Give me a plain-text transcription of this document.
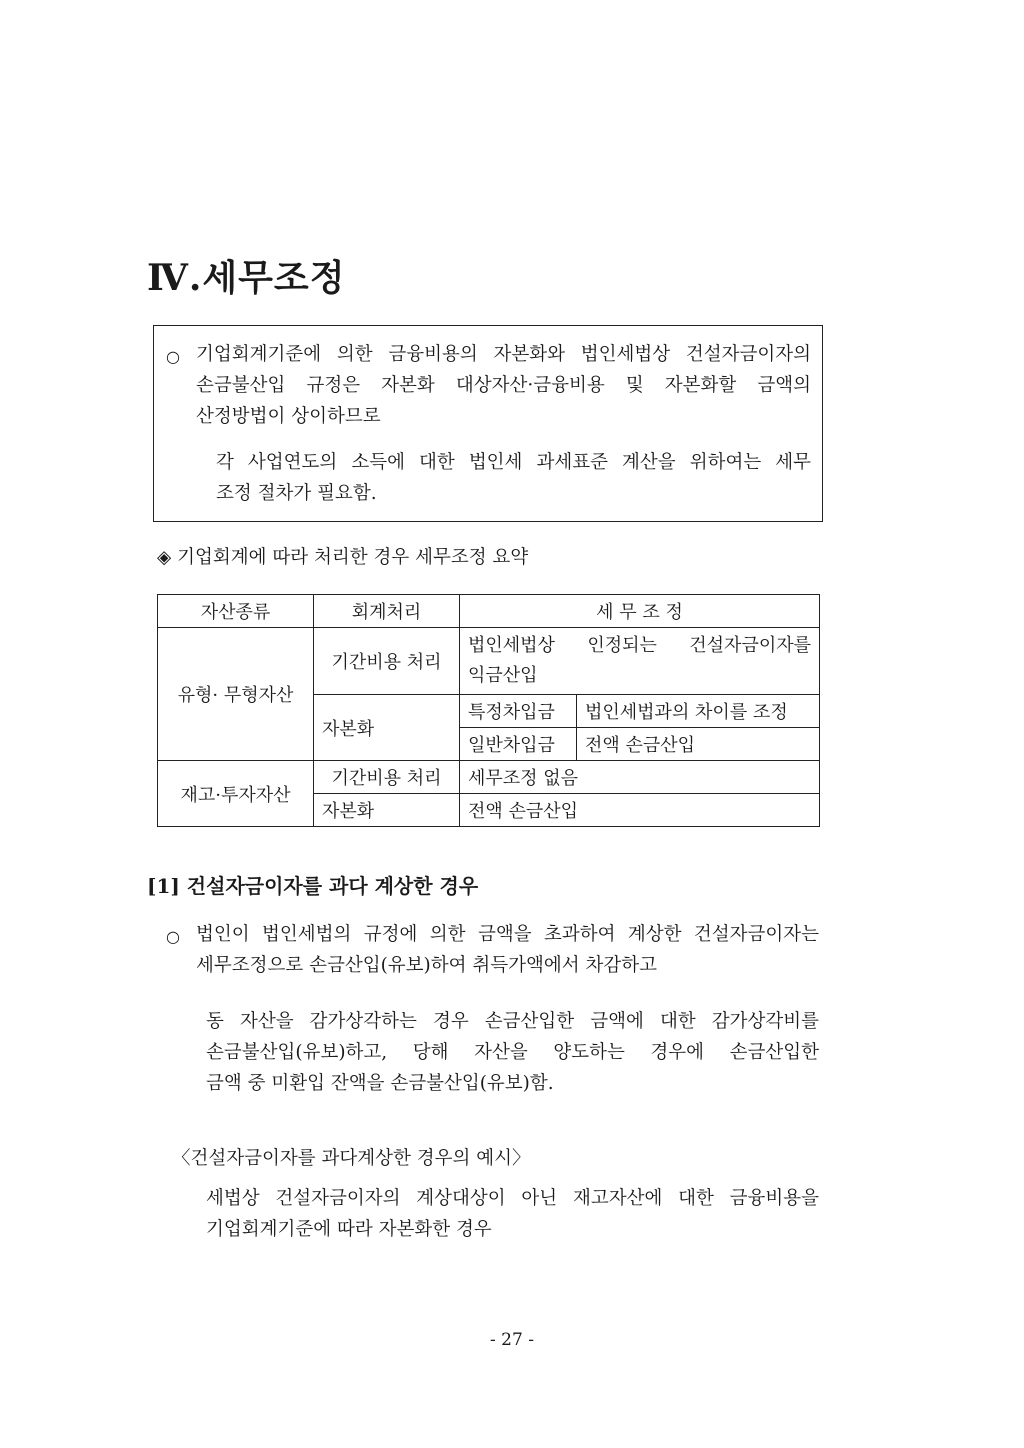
Ⅳ.세무조정
○ 기업회계기준에 의한 금융비용의 자본화와 법인세법상 건설자금이자의
손금불산입 규정은 자본화 대상자산·금융비용 및 자본화할 금액의
산정방법이 상이하므로
각 사업연도의 소득에 대한 법인세 과세표준 계산을 위하여는 세무
조정 절차가 필요함.
◈ 기업회계에 따라 처리한 경우 세무조정 요약
자산종류	회계처리	세 무 조 정	
유형· 무형자산	기간비용 처리	법인세법상 인정되는 건설자금이자를
익금산입	

	자본화	특정차입금	법인세법과의 차이를 조정
		일반차입금	전액 손금산입
재고·투자자산	기간비용 처리	세무조정 없음	
	자본화	전액 손금산입	
[1] 건설자금이자를 과다 계상한 경우
○ 법인이 법인세법의 규정에 의한 금액을 초과하여 계상한 건설자금이자는
세무조정으로 손금산입(유보)하여 취득가액에서 차감하고
동 자산을 감가상각하는 경우 손금산입한 금액에 대한 감가상각비를
손금불산입(유보)하고, 당해 자산을 양도하는 경우에 손금산입한
금액 중 미환입 잔액을 손금불산입(유보)함.
〈건설자금이자를 과다계상한 경우의 예시〉
세법상 건설자금이자의 계상대상이 아닌 재고자산에 대한 금융비용을
기업회계기준에 따라 자본화한 경우
- 27 -
